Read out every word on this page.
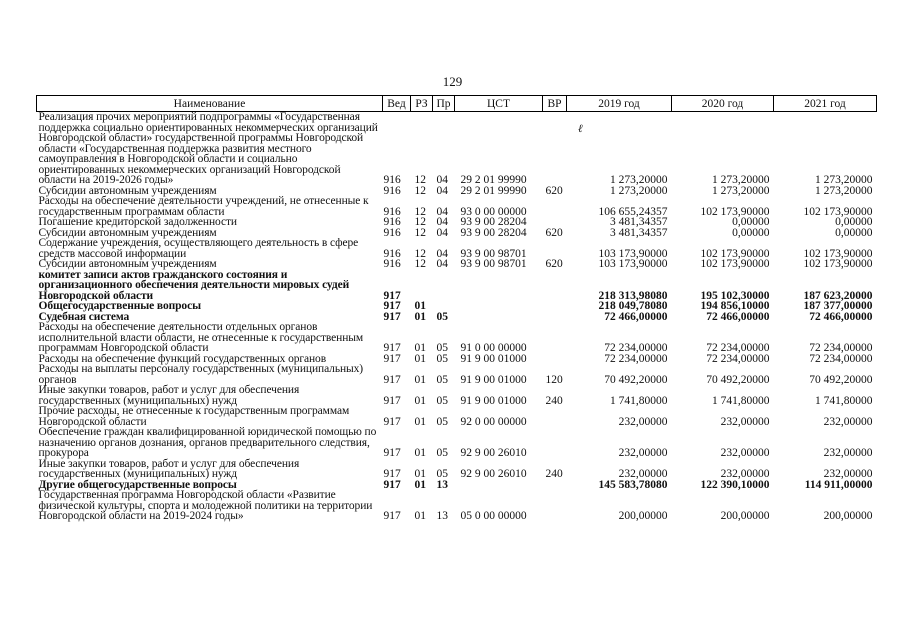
129
ℓ
Наименование	Вед	РЗ	Пр	ЦСТ	ВР	2019 год	2020 год	2021 год
Реализация прочих мероприятий подпрограммы «Государственная поддержка социально ориентированных некоммерческих организаций Новгородской области» государственной программы Новгородской области «Государственная поддержка развития местного самоуправления в Новгородской области и социально ориентированных некоммерческих организаций Новгородской области на 2019-2026 годы»	916	12	04	29 2 01 99990		1 273,20000	1 273,20000	1 273,20000
Субсидии автономным учреждениям	916	12	04	29 2 01 99990	620	1 273,20000	1 273,20000	1 273,20000
Расходы на обеспечение деятельности учреждений, не отнесенные к государственным программам области	916	12	04	93 0 00 00000		106 655,24357	102 173,90000	102 173,90000
Погашение кредиторской задолженности	916	12	04	93 9 00 28204		3 481,34357	0,00000	0,00000
Субсидии автономным учреждениям	916	12	04	93 9 00 28204	620	3 481,34357	0,00000	0,00000
Содержание учреждения, осуществляющего деятельность в сфере средств массовой информации	916	12	04	93 9 00 98701		103 173,90000	102 173,90000	102 173,90000
Субсидии автономным учреждениям	916	12	04	93 9 00 98701	620	103 173,90000	102 173,90000	102 173,90000
комитет записи актов гражданского состояния и организационного обеспечения деятельности мировых судей Новгородской области	917					218 313,98080	195 102,30000	187 623,20000
Общегосударственные вопросы	917	01				218 049,78080	194 856,10000	187 377,00000
Судебная система	917	01	05			72 466,00000	72 466,00000	72 466,00000
Расходы на обеспечение деятельности отдельных органов исполнительной власти области, не отнесенные к государственным программам Новгородской области	917	01	05	91 0 00 00000		72 234,00000	72 234,00000	72 234,00000
Расходы на обеспечение функций государственных органов	917	01	05	91 9 00 01000		72 234,00000	72 234,00000	72 234,00000
Расходы на выплаты персоналу государственных (муниципальных) органов	917	01	05	91 9 00 01000	120	70 492,20000	70 492,20000	70 492,20000
Иные закупки товаров, работ и услуг для обеспечения государственных (муниципальных) нужд	917	01	05	91 9 00 01000	240	1 741,80000	1 741,80000	1 741,80000
Прочие расходы, не отнесенные к государственным программам Новгородской области	917	01	05	92 0 00 00000		232,00000	232,00000	232,00000
Обеспечение граждан квалифицированной юридической помощью по назначению органов дознания, органов предварительного следствия, прокурора	917	01	05	92 9 00 26010		232,00000	232,00000	232,00000
Иные закупки товаров, работ и услуг для обеспечения государственных (муниципальных) нужд	917	01	05	92 9 00 26010	240	232,00000	232,00000	232,00000
Другие общегосударственные вопросы	917	01	13			145 583,78080	122 390,10000	114 911,00000
Государственная программа Новгородской области «Развитие физической культуры, спорта и молодежной политики на территории Новгородской области на 2019-2024 годы»	917	01	13	05 0 00 00000		200,00000	200,00000	200,00000
